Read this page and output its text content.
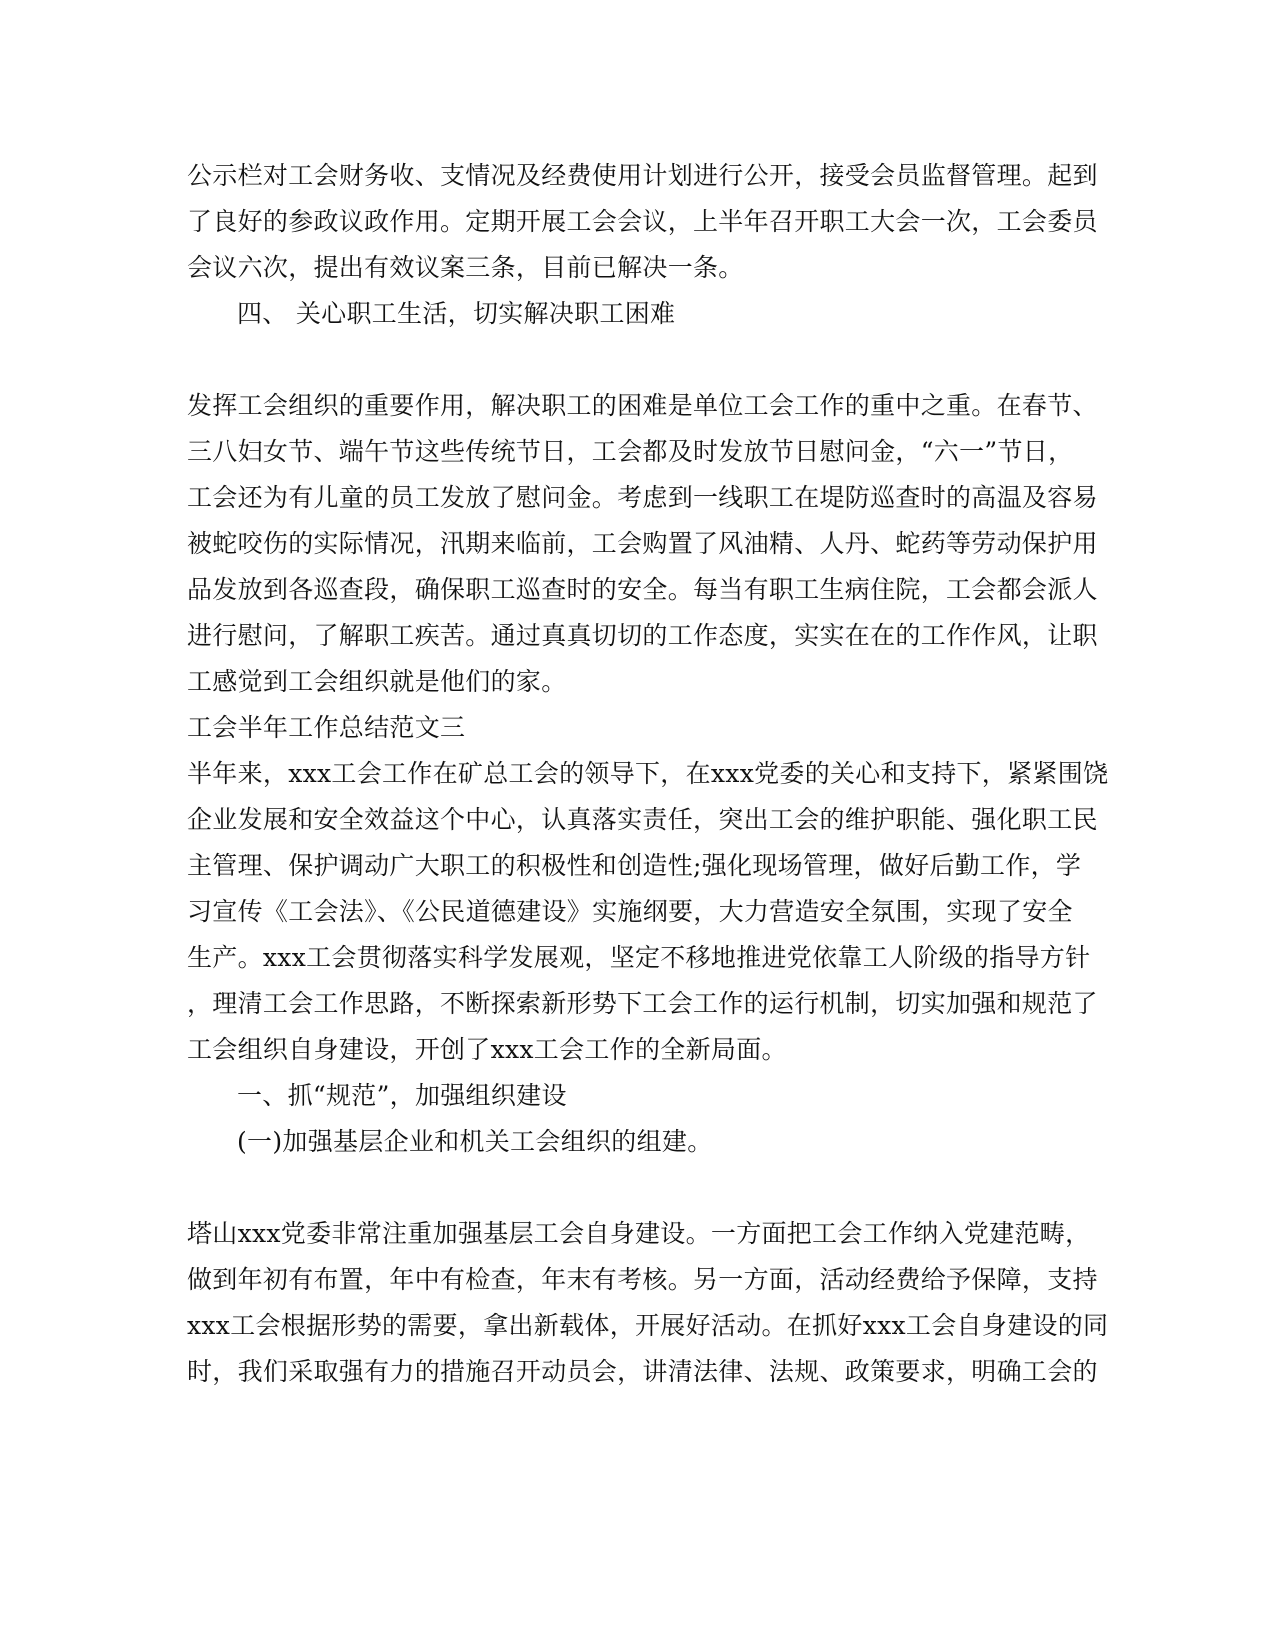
公示栏对工会财务收、支情况及经费使用计划进行公开，接受会员监督管理。起到
了良好的参政议政作用。定期开展工会会议，上半年召开职工大会一次，工会委员
会议六次，提出有效议案三条，目前已解决一条。
四、 关心职工生活，切实解决职工困难
发挥工会组织的重要作用，解决职工的困难是单位工会工作的重中之重。在春节、
三八妇女节、端午节这些传统节日，工会都及时发放节日慰问金，“六一”节日，
工会还为有儿童的员工发放了慰问金。考虑到一线职工在堤防巡查时的高温及容易
被蛇咬伤的实际情况，汛期来临前，工会购置了风油精、人丹、蛇药等劳动保护用
品发放到各巡查段，确保职工巡查时的安全。每当有职工生病住院，工会都会派人
进行慰问，了解职工疾苦。通过真真切切的工作态度，实实在在的工作作风，让职
工感觉到工会组织就是他们的家。
工会半年工作总结范文三
半年来，xxx工会工作在矿总工会的领导下，在xxx党委的关心和支持下，紧紧围饶
企业发展和安全效益这个中心，认真落实责任，突出工会的维护职能、强化职工民
主管理、保护调动广大职工的积极性和创造性;强化现场管理，做好后勤工作，学
习宣传《工会法》、《公民道德建设》实施纲要，大力营造安全氛围，实现了安全
生产。xxx工会贯彻落实科学发展观，坚定不移地推进党依靠工人阶级的指导方针
，理清工会工作思路，不断探索新形势下工会工作的运行机制，切实加强和规范了
工会组织自身建设，开创了xxx工会工作的全新局面。
一、抓“规范”，加强组织建设
(一)加强基层企业和机关工会组织的组建。
塔山xxx党委非常注重加强基层工会自身建设。一方面把工会工作纳入党建范畴，
做到年初有布置，年中有检查，年末有考核。另一方面，活动经费给予保障，支持
xxx工会根据形势的需要，拿出新载体，开展好活动。在抓好xxx工会自身建设的同
时，我们采取强有力的措施召开动员会，讲清法律、法规、政策要求，明确工会的
